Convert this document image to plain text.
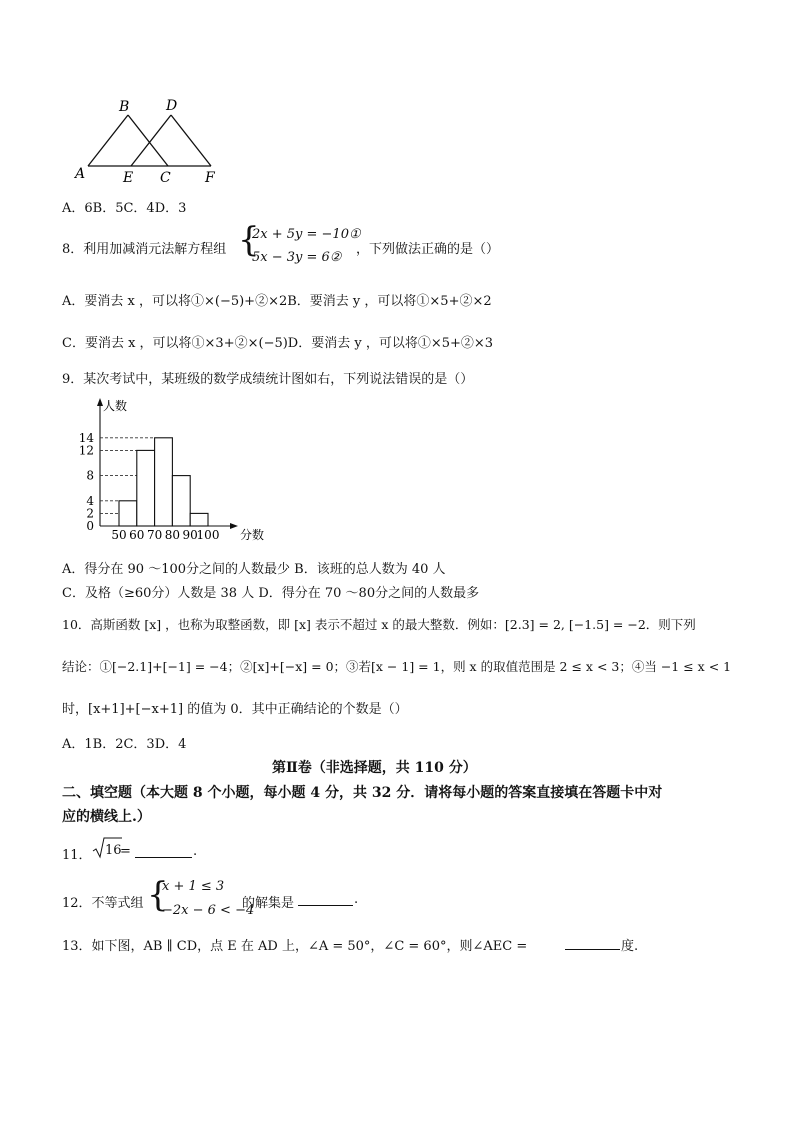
B	D
A	E C F
A．6B．5C．4D．3
8．利用加减消元法解方程组 {
2x + 5y = −10①
5x − 3y = 6②
，下列做法正确的是（）
A．要消去 x ，可以将①×(−5)+②×2B．要消去 y ，可以将①×5+②×2
C．要消去 x ，可以将①×3+②×(−5)D．要消去 y ，可以将①×5+②×3
9．某次考试中，某班级的数学成绩统计图如右，下列说法错误的是（）
人数
分数
0
2
4
8
12
14
50 60 70 80 90
100
A．得分在 90 ～100分之间的人数最少 B．该班的总人数为 40 人
C．及格（≥60分）人数是 38 人 D．得分在 70 ～80分之间的人数最多
10．高斯函数 [x] ，也称为取整函数，即 [x] 表示不超过 x 的最大整数．例如：[2.3] = 2, [−1.5] = −2．则下列
结论：①[−2.1]+[−1] = −4；②[x]+[−x] = 0；③若[x − 1] = 1，则 x 的取值范围是 2 ≤ x < 3；④当 −1 ≤ x < 1
时，[x+1]+[−x+1] 的值为 0．其中正确结论的个数是（）
A．1B．2C．3D．4
第Ⅱ卷（非选择题，共 110 分）
二、填空题（本大题 8 个小题，每小题 4 分，共 32 分．请将每小题的答案直接填在答题卡中对
应的横线上.）
11． 16
=	.
12．不等式组 {
x + 1 ≤ 3
−2x − 6 < −4
的解集是	.
13．如下图，AB ∥ CD，点 E 在 AD 上，∠A = 50°，∠C = 60°，则∠AEC =	度.
